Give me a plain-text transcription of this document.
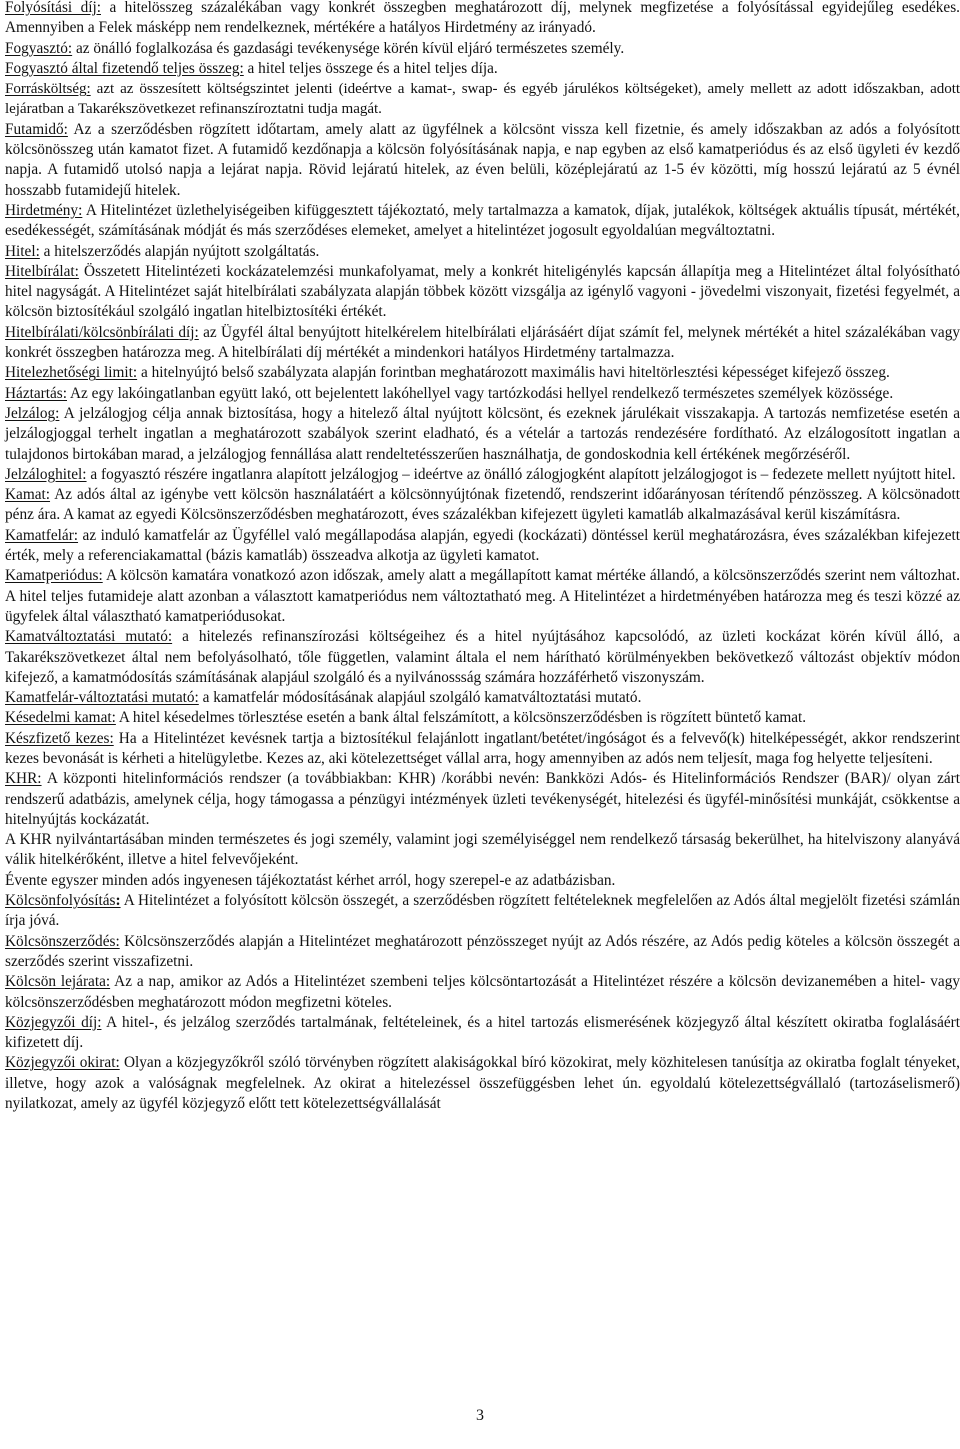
Folyósítási díj: a hitelösszeg százalékában vagy konkrét összegben meghatározott díj, melynek megfizetése a folyósítással egyidejűleg esedékes. Amennyiben a Felek másképp nem rendelkeznek, mértékére a hatályos Hirdetmény az irányadó.

Fogyasztó: az önálló foglalkozása és gazdasági tevékenysége körén kívül eljáró természetes személy.

Fogyasztó által fizetendő teljes összeg: a hitel teljes összege és a hitel teljes díja.

Forrásköltség: azt az összesített költségszintet jelenti (ideértve a kamat-, swap- és egyéb járulékos költségeket), amely mellett az adott időszakban, adott lejáratban a Takarékszövetkezet refinanszíroztatni tudja magát.

Futamidő: Az a szerződésben rögzített időtartam, amely alatt az ügyfélnek a kölcsönt vissza kell fizetnie, és amely időszakban az adós a folyósított kölcsönösszeg után kamatot fizet. A futamidő kezdőnapja a kölcsön folyósításának napja, e nap egyben az első kamatperiódus és az első ügyleti év kezdő napja. A futamidő utolsó napja a lejárat napja. Rövid lejáratú hitelek, az éven belüli, középlejáratú az 1-5 év közötti, míg hosszú lejáratú az 5 évnél hosszabb futamidejű hitelek.

Hirdetmény: A Hitelintézet üzlethelyiségeiben kifüggesztett tájékoztató, mely tartalmazza a kamatok, díjak, jutalékok, költségek aktuális típusát, mértékét, esedékességét, számításának módját és más szerződéses elemeket, amelyet a hitelintézet jogosult egyoldalúan megváltoztatni.

Hitel: a hitelszerződés alapján nyújtott szolgáltatás.

Hitelbírálat: Összetett Hitelintézeti kockázatelemzési munkafolyamat, mely a konkrét hiteligénylés kapcsán állapítja meg a Hitelintézet által folyósítható hitel nagyságát. A Hitelintézet saját hitelbírálati szabályzata alapján többek között vizsgálja az igénylő vagyoni - jövedelmi viszonyait, fizetési fegyelmét, a kölcsön biztosítékául szolgáló ingatlan hitelbiztosítéki értékét.

Hitelbírálati/kölcsönbírálati díj: az Ügyfél által benyújtott hitelkérelem hitelbírálati eljárásáért díjat számít fel, melynek mértékét a hitel százalékában vagy konkrét összegben határozza meg. A hitelbírálati díj mértékét a mindenkori hatályos Hirdetmény tartalmazza.

Hitelezhetőségi limit: a hitelnyújtó belső szabályzata alapján forintban meghatározott maximális havi hiteltörlesztési képességet kifejező összeg.

Háztartás: Az egy lakóingatlanban együtt lakó, ott bejelentett lakóhellyel vagy tartózkodási hellyel rendelkező természetes személyek közössége.

Jelzálog: A jelzálogjog célja annak biztosítása, hogy a hitelező által nyújtott kölcsönt, és ezeknek járulékait visszakapja. A tartozás nemfizetése esetén a jelzálogjoggal terhelt ingatlan a meghatározott szabályok szerint eladható, és a vételár a tartozás rendezésére fordítható. Az elzálogosított ingatlan a tulajdonos birtokában marad, a jelzálogjog fennállása alatt rendeltetésszerűen használhatja, de gondoskodnia kell értékének megőrzéséről.

Jelzáloghitel: a fogyasztó részére ingatlanra alapított jelzálogjog – ideértve az önálló zálogjogként alapított jelzálogjogot is – fedezete mellett nyújtott hitel.

Kamat: Az adós által az igénybe vett kölcsön használatáért a kölcsönnyújtónak fizetendő, rendszerint időarányosan térítendő pénzösszeg. A kölcsönadott pénz ára. A kamat az egyedi Kölcsönszerződésben meghatározott, éves százalékban kifejezett ügyleti kamatláb alkalmazásával kerül kiszámításra.

Kamatfelár: az induló kamatfelár az Ügyféllel való megállapodása alapján, egyedi (kockázati) döntéssel kerül meghatározásra, éves százalékban kifejezett érték, mely a referenciakamattal (bázis kamatláb) összeadva alkotja az ügyleti kamatot.

Kamatperiódus: A kölcsön kamatára vonatkozó azon időszak, amely alatt a megállapított kamat mértéke állandó, a kölcsönszerződés szerint nem változhat. A hitel teljes futamideje alatt azonban a választott kamatperiódus nem változtatható meg. A Hitelintézet a hirdetményében határozza meg és teszi közzé az ügyfelek által választható kamatperiódusokat.

Kamatváltoztatási mutató: a hitelezés refinanszírozási költségeihez és a hitel nyújtásához kapcsolódó, az üzleti kockázat körén kívül álló, a Takarékszövetkezet által nem befolyásolható, tőle független, valamint általa el nem hárítható körülményekben bekövetkező változást objektív módon kifejező, a kamatmódosítás számításának alapjául szolgáló és a nyilvánossság számára hozzáférhető viszonyszám.

Kamatfelár-változtatási mutató: a kamatfelár módosításának alapjául szolgáló kamatváltoztatási mutató.

Késedelmi kamat: A hitel késedelmes törlesztése esetén a bank által felszámított, a kölcsönszerződésben is rögzített büntető kamat.

Készfizető kezes: Ha a Hitelintézet kevésnek tartja a biztosítékul felajánlott ingatlant/betétet/ingóságot és a felvevő(k) hitelképességét, akkor rendszerint kezes bevonását is kérheti a hitelügyletbe. Kezes az, aki kötelezettséget vállal arra, hogy amennyiben az adós nem teljesít, maga fog helyette teljesíteni.

KHR: A központi hitelinformációs rendszer (a továbbiakban: KHR) /korábbi nevén: Bankközi Adós- és Hitelinformációs Rendszer (BAR)/ olyan zárt rendszerű adatbázis, amelynek célja, hogy támogassa a pénzügyi intézmények üzleti tevékenységét, hitelezési és ügyfél-minősítési munkáját, csökkentse a hitelnyújtás kockázatát.

A KHR nyilvántartásában minden természetes és jogi személy, valamint jogi személyiséggel nem rendelkező társaság bekerülhet, ha hitelviszony alanyává válik hitelkérőként, illetve a hitel felvevőjeként.

Évente egyszer minden adós ingyenesen tájékoztatást kérhet arról, hogy szerepel-e az adatbázisban.

Kölcsönfolyósítás: A Hitelintézet a folyósított kölcsön összegét, a szerződésben rögzített feltételeknek megfelelően az Adós által megjelölt fizetési számlán írja jóvá.

Kölcsönszerződés: Kölcsönszerződés alapján a Hitelintézet meghatározott pénzösszeget nyújt az Adós részére, az Adós pedig köteles a kölcsön összegét a szerződés szerint visszafizetni.

Kölcsön lejárata: Az a nap, amikor az Adós a Hitelintézet szembeni teljes kölcsöntartozását a Hitelintézet részére a kölcsön devizanemében a hitel- vagy kölcsönszerződésben meghatározott módon megfizetni köteles.

Közjegyzői díj: A hitel-, és jelzálog szerződés tartalmának, feltételeinek, és a hitel tartozás elismerésének közjegyző által készített okiratba foglalásáért kifizetett díj.

Közjegyzői okirat: Olyan a közjegyzőkről szóló törvényben rögzített alakiságokkal bíró közokirat, mely közhitelesen tanúsítja az okiratba foglalt tényeket, illetve, hogy azok a valóságnak megfelelnek. Az okirat a hitelezéssel összefüggésben lehet ún. egyoldalú kötelezettségvállaló (tartozáselismerő) nyilatkozat, amely az ügyfél közjegyző előtt tett kötelezettségvállalását

3
